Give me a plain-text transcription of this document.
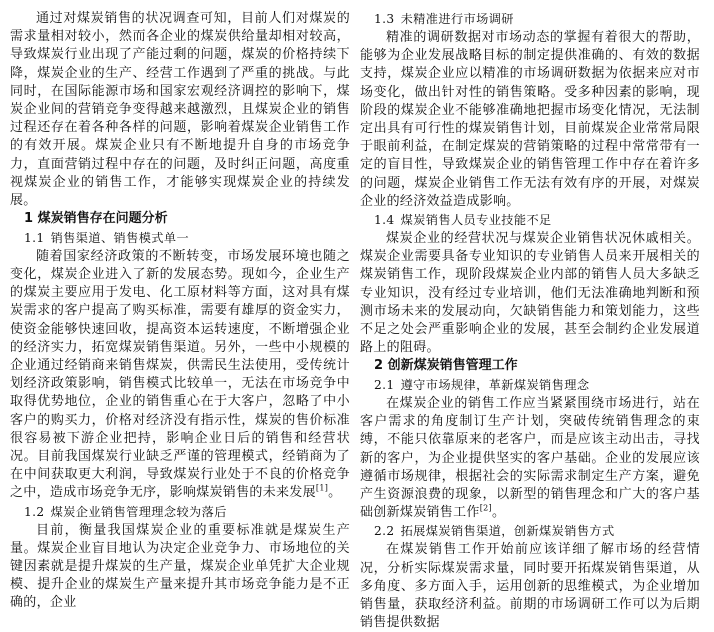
通过对煤炭销售的状况调查可知，目前人们对煤炭的需求量相对较小，然而各企业的煤炭供给量却相对较高，导致煤炭行业出现了产能过剩的问题，煤炭的价格持续下降，煤炭企业的生产、经营工作遇到了严重的挑战。与此同时，在国际能源市场和国家宏观经济调控的影响下，煤炭企业间的营销竞争变得越来越激烈，且煤炭企业的销售过程还存在着各种各样的问题，影响着煤炭企业销售工作的有效开展。煤炭企业只有不断地提升自身的市场竞争力，直面营销过程中存在的问题，及时纠正问题，高度重视煤炭企业的销售工作，才能够实现煤炭企业的持续发展。

1 煤炭销售存在问题分析

1.1 销售渠道、销售模式单一

随着国家经济政策的不断转变，市场发展环境也随之变化，煤炭企业进入了新的发展态势。现如今，企业生产的煤炭主要应用于发电、化工原材料等方面，这对具有煤炭需求的客户提高了购买标准，需要有雄厚的资金实力，使资金能够快速回收，提高资本运转速度，不断增强企业的经济实力，拓宽煤炭销售渠道。另外，一些中小规模的企业通过经销商来销售煤炭，供需民生法使用，受传统计划经济政策影响，销售模式比较单一，无法在市场竞争中取得优势地位，企业的销售重心在于大客户，忽略了中小客户的购买力，价格对经济没有指示性，煤炭的售价标准很容易被下游企业把持，影响企业日后的销售和经营状况。目前我国煤炭行业缺乏严谨的管理模式，经销商为了在中间获取更大利润，导致煤炭行业处于不良的价格竞争之中，造成市场竞争无序，影响煤炭销售的未来发展[1]。

1.2 煤炭企业销售管理理念较为落后

目前，衡量我国煤炭企业的重要标准就是煤炭生产量。煤炭企业盲目地认为决定企业竞争力、市场地位的关键因素就是提升煤炭的生产量，煤炭企业单凭扩大企业规模、提升企业的煤炭生产量来提升其市场竞争能力是不正确的，企业

1.3 未精准进行市场调研

精准的调研数据对市场动态的掌握有着很大的帮助，能够为企业发展战略目标的制定提供准确的、有效的数据支持，煤炭企业应以精准的市场调研数据为依据来应对市场变化，做出针对性的销售策略。受多种因素的影响，现阶段的煤炭企业不能够准确地把握市场变化情况，无法制定出具有可行性的煤炭销售计划，目前煤炭企业常常局限于眼前利益，在制定煤炭的营销策略的过程中常常带有一定的盲目性，导致煤炭企业的销售管理工作中存在着许多的问题，煤炭企业销售工作无法有效有序的开展，对煤炭企业的经济效益造成影响。

1.4 煤炭销售人员专业技能不足

煤炭企业的经营状况与煤炭企业销售状况休戚相关。煤炭企业需要具备专业知识的专业销售人员来开展相关的煤炭销售工作，现阶段煤炭企业内部的销售人员大多缺乏专业知识，没有经过专业培训，他们无法准确地判断和预测市场未来的发展动向，欠缺销售能力和策划能力，这些不足之处会严重影响企业的发展，甚至会制约企业发展道路上的阻碍。

2 创新煤炭销售管理工作

2.1 遵守市场规律，革新煤炭销售理念

在煤炭企业的销售工作应当紧紧围绕市场进行，站在客户需求的角度制订生产计划，突破传统销售理念的束缚，不能只依靠原来的老客户，而是应该主动出击，寻找新的客户，为企业提供坚实的客户基础。企业的发展应该遵循市场规律，根据社会的实际需求制定生产方案，避免产生资源浪费的现象，以新型的销售理念和广大的客户基础创新煤炭销售工作[2]。

2.2 拓展煤炭销售渠道，创新煤炭销售方式

在煤炭销售工作开始前应该详细了解市场的经营情况，分析实际煤炭需求量，同时要开拓煤炭销售渠道，从多角度、多方面入手，运用创新的思维模式，为企业增加销售量，获取经济利益。前期的市场调研工作可以为后期销售提供数据
